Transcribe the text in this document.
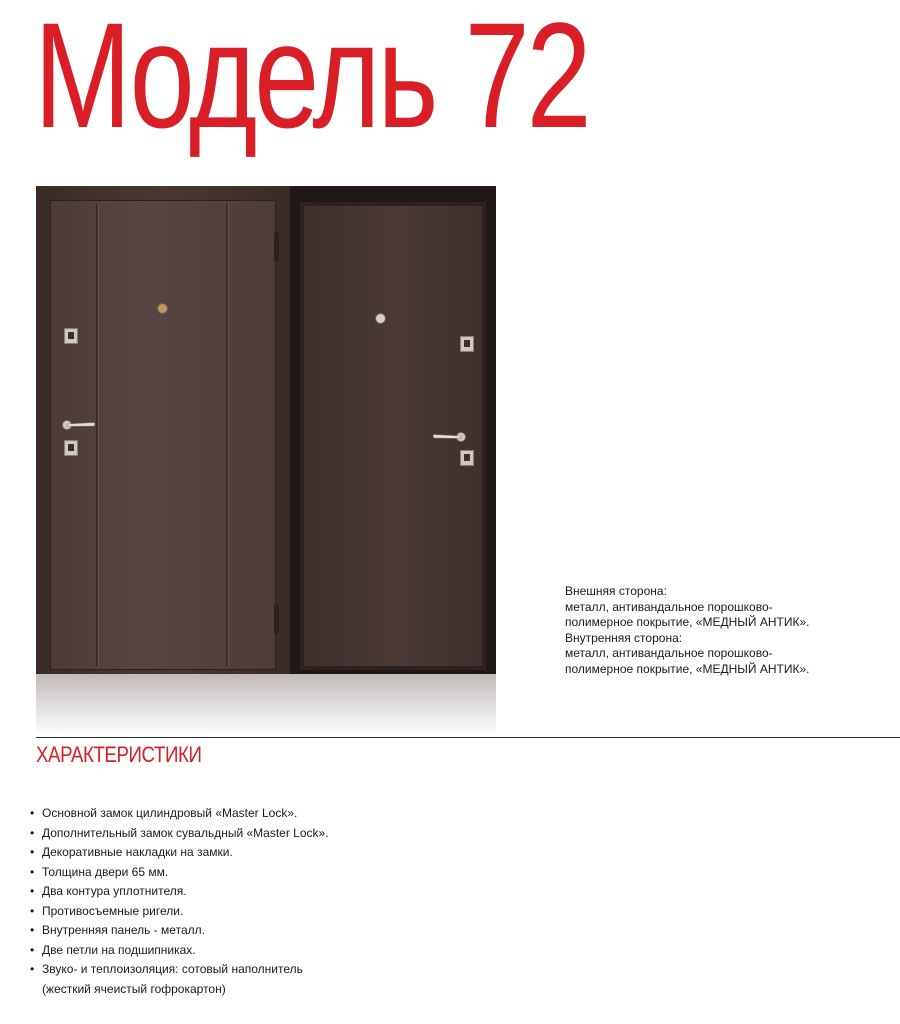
Модель 72
Внешняя сторона:
металл, антивандальное порошково-
полимерное покрытие, «МЕДНЫЙ АНТИК».
Внутренняя сторона:
металл, антивандальное порошково-
полимерное покрытие, «МЕДНЫЙ АНТИК».
ХАРАКТЕРИСТИКИ
• Основной замок цилиндровый «Master Lock».
• Дополнительный замок сувальдный «Master Lock».
• Декоративные накладки на замки.
• Толщина двери 65 мм.
• Два контура уплотнителя.
• Противосъемные ригели.
• Внутренняя панель - металл.
• Две петли на подшипниках.
• Звуко- и теплоизоляция: сотовый наполнитель
(жесткий ячеистый гофрокартон)
